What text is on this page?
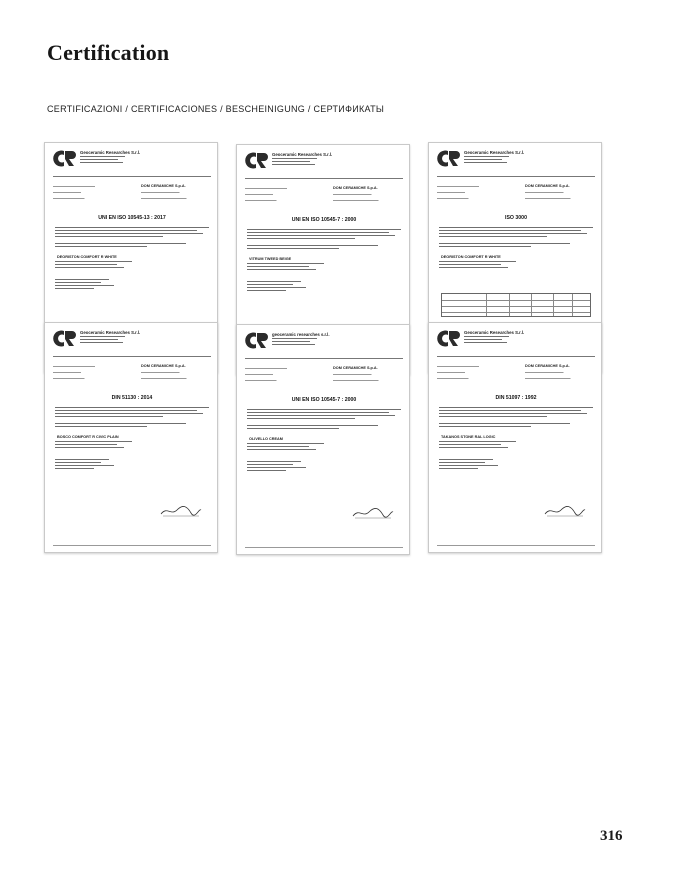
Certification
CERTIFICAZIONI / CERTIFICACIONES / BESCHEINIGUNG / СЕРТИФИКАТЫ
Geoceramic Researches S.r.l.
DOM CERAMICHE S.p.A.
UNI EN ISO 10545-13 : 2017
DEORISTON COMFORT R WHITE
Geoceramic Researches S.r.l.
DOM CERAMICHE S.p.A.
UNI EN ISO 10545-7 : 2000
VITRUM TWEED BEIGE
Geoceramic Researches S.r.l.
DOM CERAMICHE S.p.A.
ISO 3000
DEORISTON COMFORT R WHITE
Geoceramic Researches S.r.l.
DOM CERAMICHE S.p.A.
DIN 51130 : 2014
BOSCO COMFORT R CIVIC PLAIN
geoceramic researches s.r.l.
DOM CERAMICHE S.p.A.
UNI EN ISO 10545-7 : 2000
OLIVELLO CREAM
Geoceramic Researches S.r.l.
DOM CERAMICHE S.p.A.
DIN 51097 : 1992
TAKANOS STONE RAL LOGIC
316
